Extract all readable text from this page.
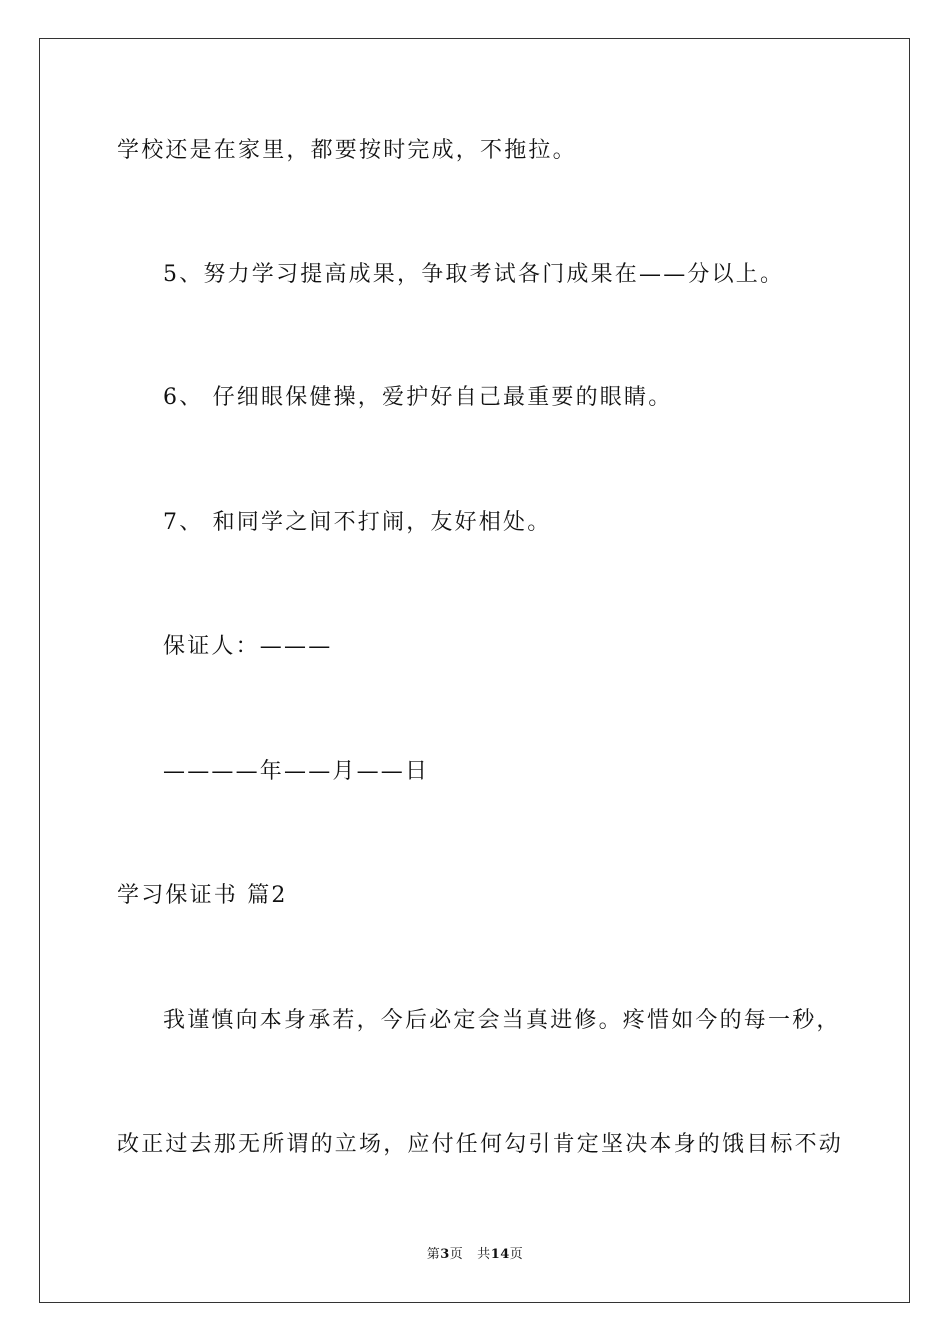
学校还是在家里，都要按时完成，不拖拉。
5、努力学习提高成果，争取考试各门成果在——分以上。
6、 仔细眼保健操，爱护好自己最重要的眼睛。
7、 和同学之间不打闹，友好相处。
保证人：———
————年——月——日
学习保证书 篇2
我谨慎向本身承若，今后必定会当真进修。疼惜如今的每一秒，
改正过去那无所谓的立场，应付任何勾引肯定坚决本身的饿目标不动
第3页 共14页
